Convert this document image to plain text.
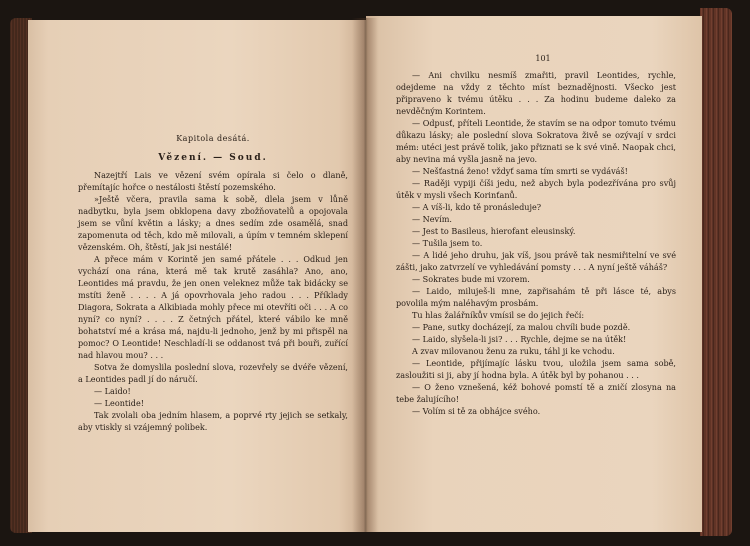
Kapitola desátá.
Vězení. — Soud.

Nazejtří Lais ve vězení svém opírala si čelo o dlaně, přemítajíc hořce o nestálosti štěstí pozemského.

»Ještě včera, pravila sama k sobě, dlela jsem v lůně nadbytku, byla jsem obklopena davy zbožňovatelů a opojovala jsem se vůní květin a lásky; a dnes sedím zde osamělá, snad zapomenuta od těch, kdo mě milovali, a úpím v temném sklepení vězenském. Oh, štěstí, jak jsi nestálé!

A přece mám v Korintě jen samé přátele . . . Odkud jen vychází ona rána, která mě tak krutě zasáhla? Ano, ano, Leontides má pravdu, že jen onen veleknez může tak bidácky se mstíti ženě . . . . A já opovrhovala jeho radou . . . Příklady Diagora, Sokrata a Alkibiada mohly přece mi otevříti oči . . . A co nyní? co nyní? . . . . Z četných přátel, které vábilo ke mně bohatství mé a krása má, najdu-li jednoho, jenž by mi přispěl na pomoc? O Leontide! Neschladí-li se oddanost tvá při bouři, zuřící nad hlavou mou? . . .

Sotva že domyslila poslední slova, rozevřely se dvéře vězení, a Leontides padl jí do náručí.

— Laido!

— Leontide!

Tak zvolali oba jedním hlasem, a poprvé rty jejich se setkaly, aby vtiskly si vzájemný polibek.

101

— Ani chvilku nesmíš zmařiti, pravil Leontides, rychle, odejdeme na vždy z těchto míst beznadějnosti. Všecko jest připraveno k tvému útěku . . . Za hodinu budeme daleko za nevděčným Korintem.

— Odpusť, příteli Leontide, že stavím se na odpor tomuto tvému důkazu lásky; ale poslední slova Sokratova živě se ozývají v srdci mém: utéci jest právě tolik, jako přiznati se k své vině. Naopak chci, aby nevina má vyšla jasně na jevo.

— Nešťastná ženo! vždyť sama tím smrti se vydáváš!

— Raději vypiji číši jedu, než abych byla podezřívána pro svůj útěk v mysli všech Korinťanů.

— A víš-li, kdo tě pronásleduje?

— Nevím.

— Jest to Basileus, hierofant eleusinský.

— Tušila jsem to.

— A lidé jeho druhu, jak víš, jsou právě tak nesmiřitelní ve své zášti, jako zatvrzelí ve vyhledávání pomsty . . . A nyní ještě váháš?

— Sokrates bude mi vzorem.

— Laido, miluješ-li mne, zapřisahám tě při lásce té, abys povolila mým naléhavým prosbám.

Tu hlas žalářníkův vmísil se do jejich řečí:

— Pane, sutky docházejí, za malou chvíli bude pozdě.

— Laido, slyšela-li jsi? . . . Rychle, dejme se na útěk!

A zvav milovanou ženu za ruku, táhl ji ke vchodu.

— Leontide, přijímajíc lásku tvou, uložila jsem sama sobě, zasloužiti si ji, aby jí hodna byla. A útěk byl by pohanou . . .

— O ženo vznešená, kéž bohové pomstí tě a zničí zlosyna na tebe žalujícího!

— Volím si tě za obhájce svého.
